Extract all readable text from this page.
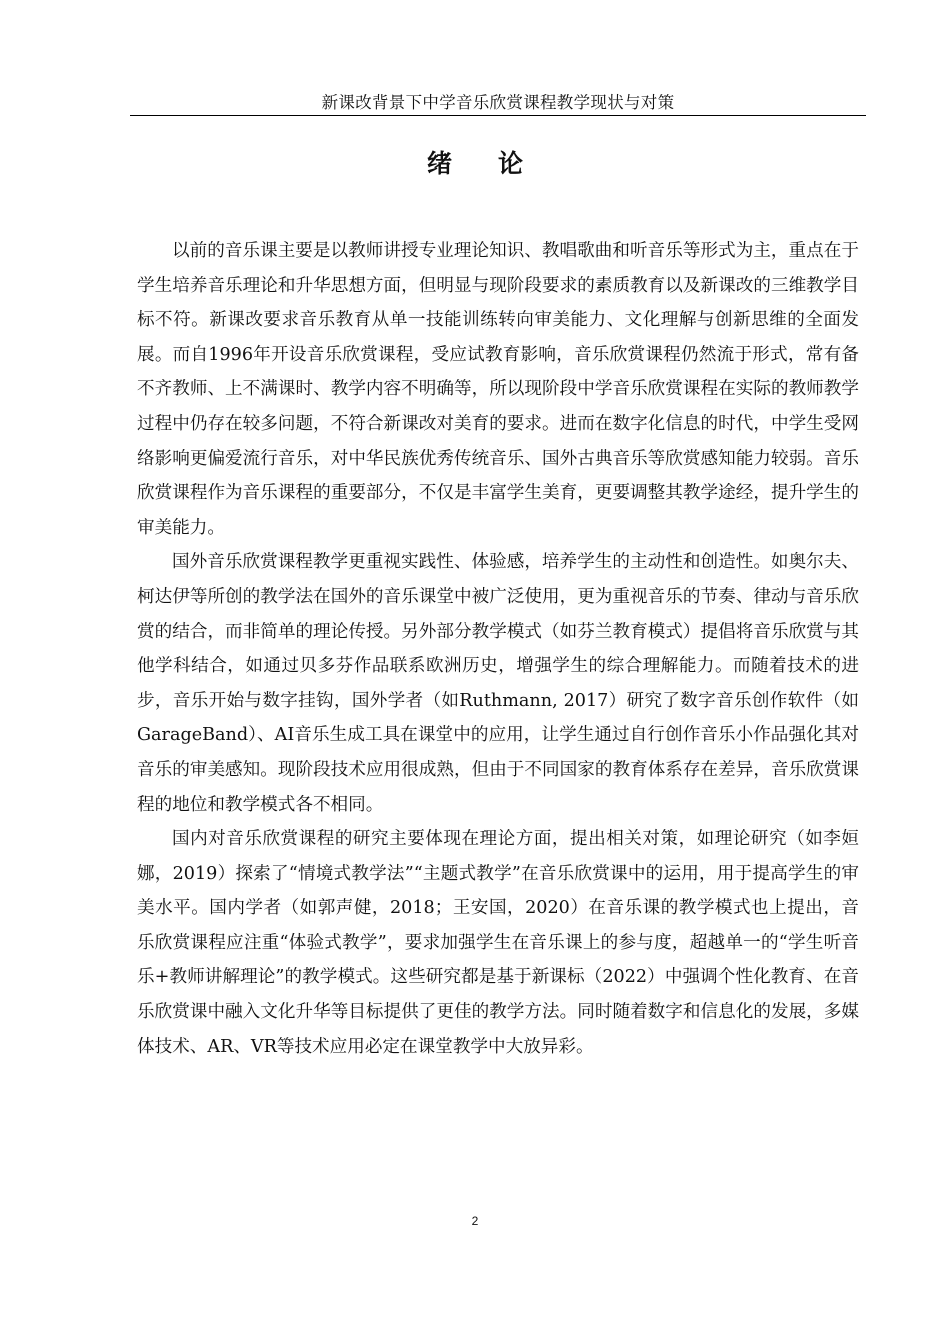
新课改背景下中学音乐欣赏课程教学现状与对策
绪论

以前的音乐课主要是以教师讲授专业理论知识、教唱歌曲和听音乐等形式为主，重点在于学生培养音乐理论和升华思想方面，但明显与现阶段要求的素质教育以及新课改的三维教学目标不符。新课改要求音乐教育从单一技能训练转向审美能力、文化理解与创新思维的全面发展。而自1996年开设音乐欣赏课程，受应试教育影响，音乐欣赏课程仍然流于形式，常有备不齐教师、上不满课时、教学内容不明确等，所以现阶段中学音乐欣赏课程在实际的教师教学过程中仍存在较多问题，不符合新课改对美育的要求。进而在数字化信息的时代，中学生受网络影响更偏爱流行音乐，对中华民族优秀传统音乐、国外古典音乐等欣赏感知能力较弱。音乐欣赏课程作为音乐课程的重要部分，不仅是丰富学生美育，更要调整其教学途经，提升学生的审美能力。

国外音乐欣赏课程教学更重视实践性、体验感，培养学生的主动性和创造性。如奥尔夫、柯达伊等所创的教学法在国外的音乐课堂中被广泛使用，更为重视音乐的节奏、律动与音乐欣赏的结合，而非简单的理论传授。另外部分教学模式（如芬兰教育模式）提倡将音乐欣赏与其他学科结合，如通过贝多芬作品联系欧洲历史，增强学生的综合理解能力。而随着技术的进步，音乐开始与数字挂钩，国外学者（如Ruthmann, 2017）研究了数字音乐创作软件（如GarageBand）、AI音乐生成工具在课堂中的应用，让学生通过自行创作音乐小作品强化其对音乐的审美感知。现阶段技术应用很成熟，但由于不同国家的教育体系存在差异，音乐欣赏课程的地位和教学模式各不相同。

国内对音乐欣赏课程的研究主要体现在理论方面，提出相关对策，如理论研究（如李姮娜，2019）探索了“情境式教学法”“主题式教学”在音乐欣赏课中的运用，用于提高学生的审美水平。国内学者（如郭声健，2018；王安国，2020）在音乐课的教学模式也上提出，音乐欣赏课程应注重“体验式教学”，要求加强学生在音乐课上的参与度，超越单一的“学生听音乐+教师讲解理论”的教学模式。这些研究都是基于新课标（2022）中强调个性化教育、在音乐欣赏课中融入文化升华等目标提供了更佳的教学方法。同时随着数字和信息化的发展，多媒体技术、AR、VR等技术应用必定在课堂教学中大放异彩。

2
